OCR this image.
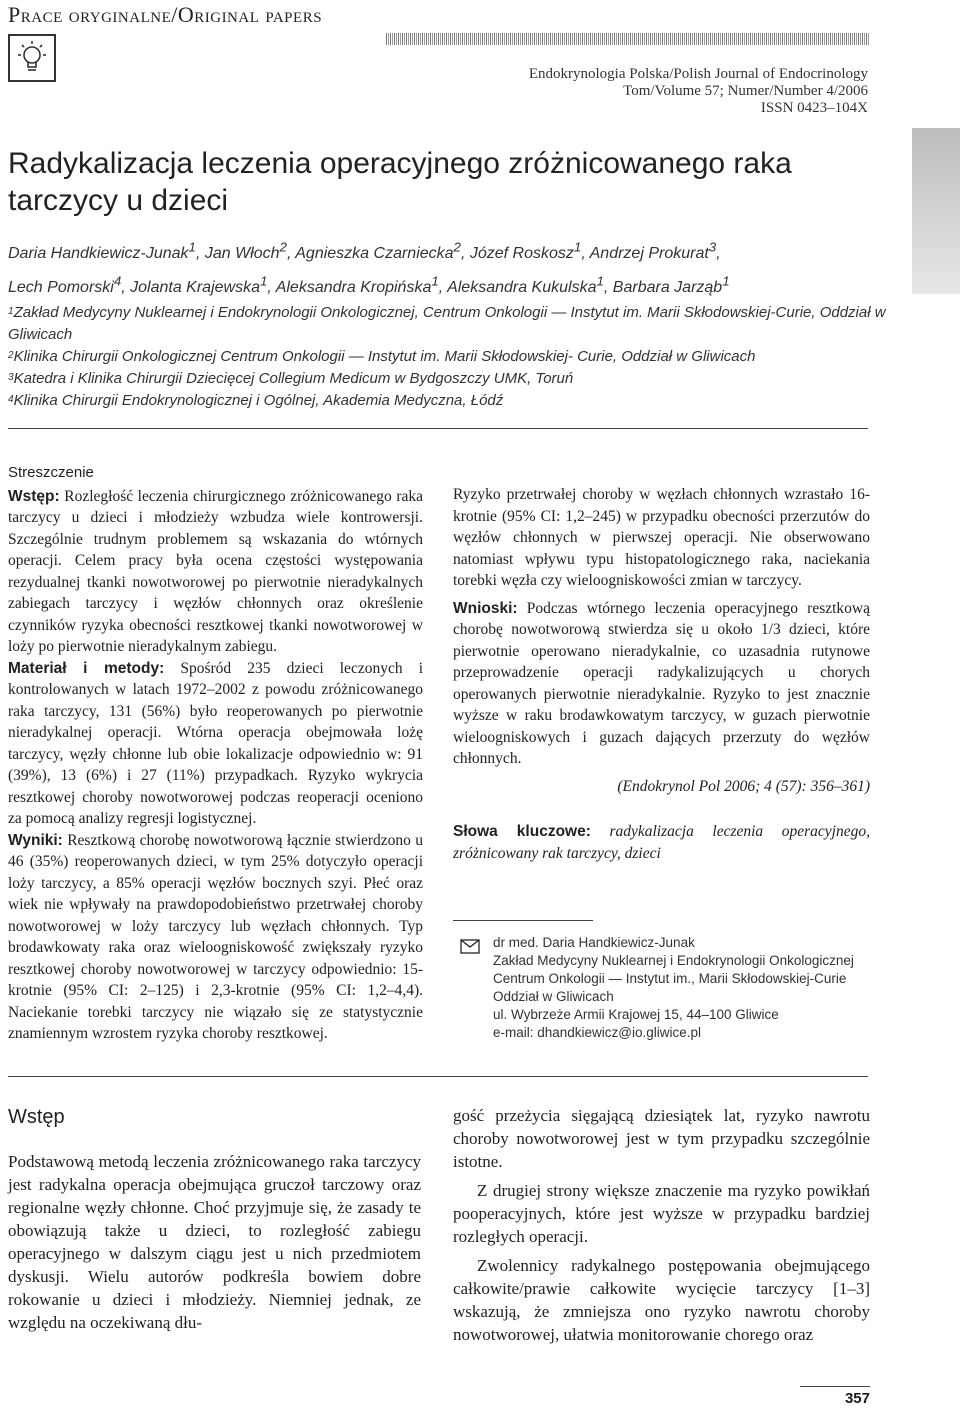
Prace oryginalne/Original papers
Endokrynologia Polska/Polish Journal of Endocrinology
Tom/Volume 57; Numer/Number 4/2006
ISSN 0423–104X
Radykalizacja leczenia operacyjnego zróżnicowanego raka tarczycy u dzieci
Daria Handkiewicz-Junak$^1$, Jan Włoch$^2$, Agnieszka Czarniecka$^2$, Józef Roskosz$^1$, Andrzej Prokurat$^3$,
Lech Pomorski$^4$, Jolanta Krajewska$^1$, Aleksandra Kropińska$^1$, Aleksandra Kukulska$^1$, Barbara Jarząb$^1$
$^1$Zakład Medycyny Nuklearnej i Endokrynologii Onkologicznej, Centrum Onkologii — Instytut im. Marii Skłodowskiej-Curie, Oddział w Gliwicach
$^2$Klinika Chirurgii Onkologicznej Centrum Onkologii — Instytut im. Marii Skłodowskiej- Curie, Oddział w Gliwicach
$^3$Katedra i Klinika Chirurgii Dziecięcej Collegium Medicum w Bydgoszczy UMK, Toruń
$^4$Klinika Chirurgii Endokrynologicznej i Ogólnej, Akademia Medyczna, Łódź
Streszczenie

Wstęp: Rozległość leczenia chirurgicznego zróżnicowanego raka tarczycy u dzieci i młodzieży wzbudza wiele kontrowersji. Szczególnie trudnym problemem są wskazania do wtórnych operacji. Celem pracy była ocena częstości występowania rezydualnej tkanki nowotworowej po pierwotnie nieradykalnych zabiegach tarczycy i węzłów chłonnych oraz określenie czynników ryzyka obecności resztkowej tkanki nowotworowej w loży po pierwotnie nieradykalnym zabiegu.

Materiał i metody: Spośród 235 dzieci leczonych i kontrolowanych w latach 1972–2002 z powodu zróżnicowanego raka tarczycy, 131 (56%) było reoperowanych po pierwotnie nieradykalnej operacji. Wtórna operacja obejmowała lożę tarczycy, węzły chłonne lub obie lokalizacje odpowiednio w: 91 (39%), 13 (6%) i 27 (11%) przypadkach. Ryzyko wykrycia resztkowej choroby nowotworowej podczas reoperacji oceniono za pomocą analizy regresji logistycznej.

Wyniki: Resztkową chorobę nowotworową łącznie stwierdzono u 46 (35%) reoperowanych dzieci, w tym 25% dotyczyło operacji loży tarczycy, a 85% operacji węzłów bocznych szyi. Płeć oraz wiek nie wpływały na prawdopodobieństwo przetrwałej choroby nowotworowej w loży tarczycy lub węzłach chłonnych. Typ brodawkowaty raka oraz wieloogniskowość zwiększały ryzyko resztkowej choroby nowotworowej w tarczycy odpowiednio: 15-krotnie (95% CI: 2–125) i 2,3-krotnie (95% CI: 1,2–4,4). Naciekanie torebki tarczycy nie wiązało się ze statystycznie znamiennym wzrostem ryzyka choroby resztkowej.

Ryzyko przetrwałej choroby w węzłach chłonnych wzrastało 16-krotnie (95% CI: 1,2–245) w przypadku obecności przerzutów do węzłów chłonnych w pierwszej operacji. Nie obserwowano natomiast wpływu typu histopatologicznego raka, naciekania torebki węzła czy wieloogniskowości zmian w tarczycy.

Wnioski: Podczas wtórnego leczenia operacyjnego resztkową chorobę nowotworową stwierdza się u około 1/3 dzieci, które pierwotnie operowano nieradykalnie, co uzasadnia rutynowe przeprowadzenie operacji radykalizujących u chorych operowanych pierwotnie nieradykalnie. Ryzyko to jest znacznie wyższe w raku brodawkowatym tarczycy, w guzach pierwotnie wieloogniskowych i guzach dających przerzuty do węzłów chłonnych.

(Endokrynol Pol 2006; 4 (57): 356–361)

Słowa kluczowe: radykalizacja leczenia operacyjnego, zróżnicowany rak tarczycy, dzieci

dr med. Daria Handkiewicz-Junak
Zakład Medycyny Nuklearnej i Endokrynologii Onkologicznej
Centrum Onkologii — Instytut im., Marii Skłodowskiej-Curie
Oddział w Gliwicach
ul. Wybrzeże Armii Krajowej 15, 44–100 Gliwice
e-mail: dhandkiewicz@io.gliwice.pl
Wstęp

Podstawową metodą leczenia zróżnicowanego raka tarczycy jest radykalna operacja obejmująca gruczoł tarczowy oraz regionalne węzły chłonne. Choć przyjmuje się, że zasady te obowiązują także u dzieci, to rozległość zabiegu operacyjnego w dalszym ciągu jest u nich przedmiotem dyskusji. Wielu autorów podkreśla bowiem dobre rokowanie u dzieci i młodzieży. Niemniej jednak, ze względu na oczekiwaną dłu-

gość przeżycia sięgającą dziesiątek lat, ryzyko nawrotu choroby nowotworowej jest w tym przypadku szczególnie istotne.

Z drugiej strony większe znaczenie ma ryzyko powikłań pooperacyjnych, które jest wyższe w przypadku bardziej rozległych operacji.

Zwolennicy radykalnego postępowania obejmującego całkowite/prawie całkowite wycięcie tarczycy [1–3] wskazują, że zmniejsza ono ryzyko nawrotu choroby nowotworowej, ułatwia monitorowanie chorego oraz

357
